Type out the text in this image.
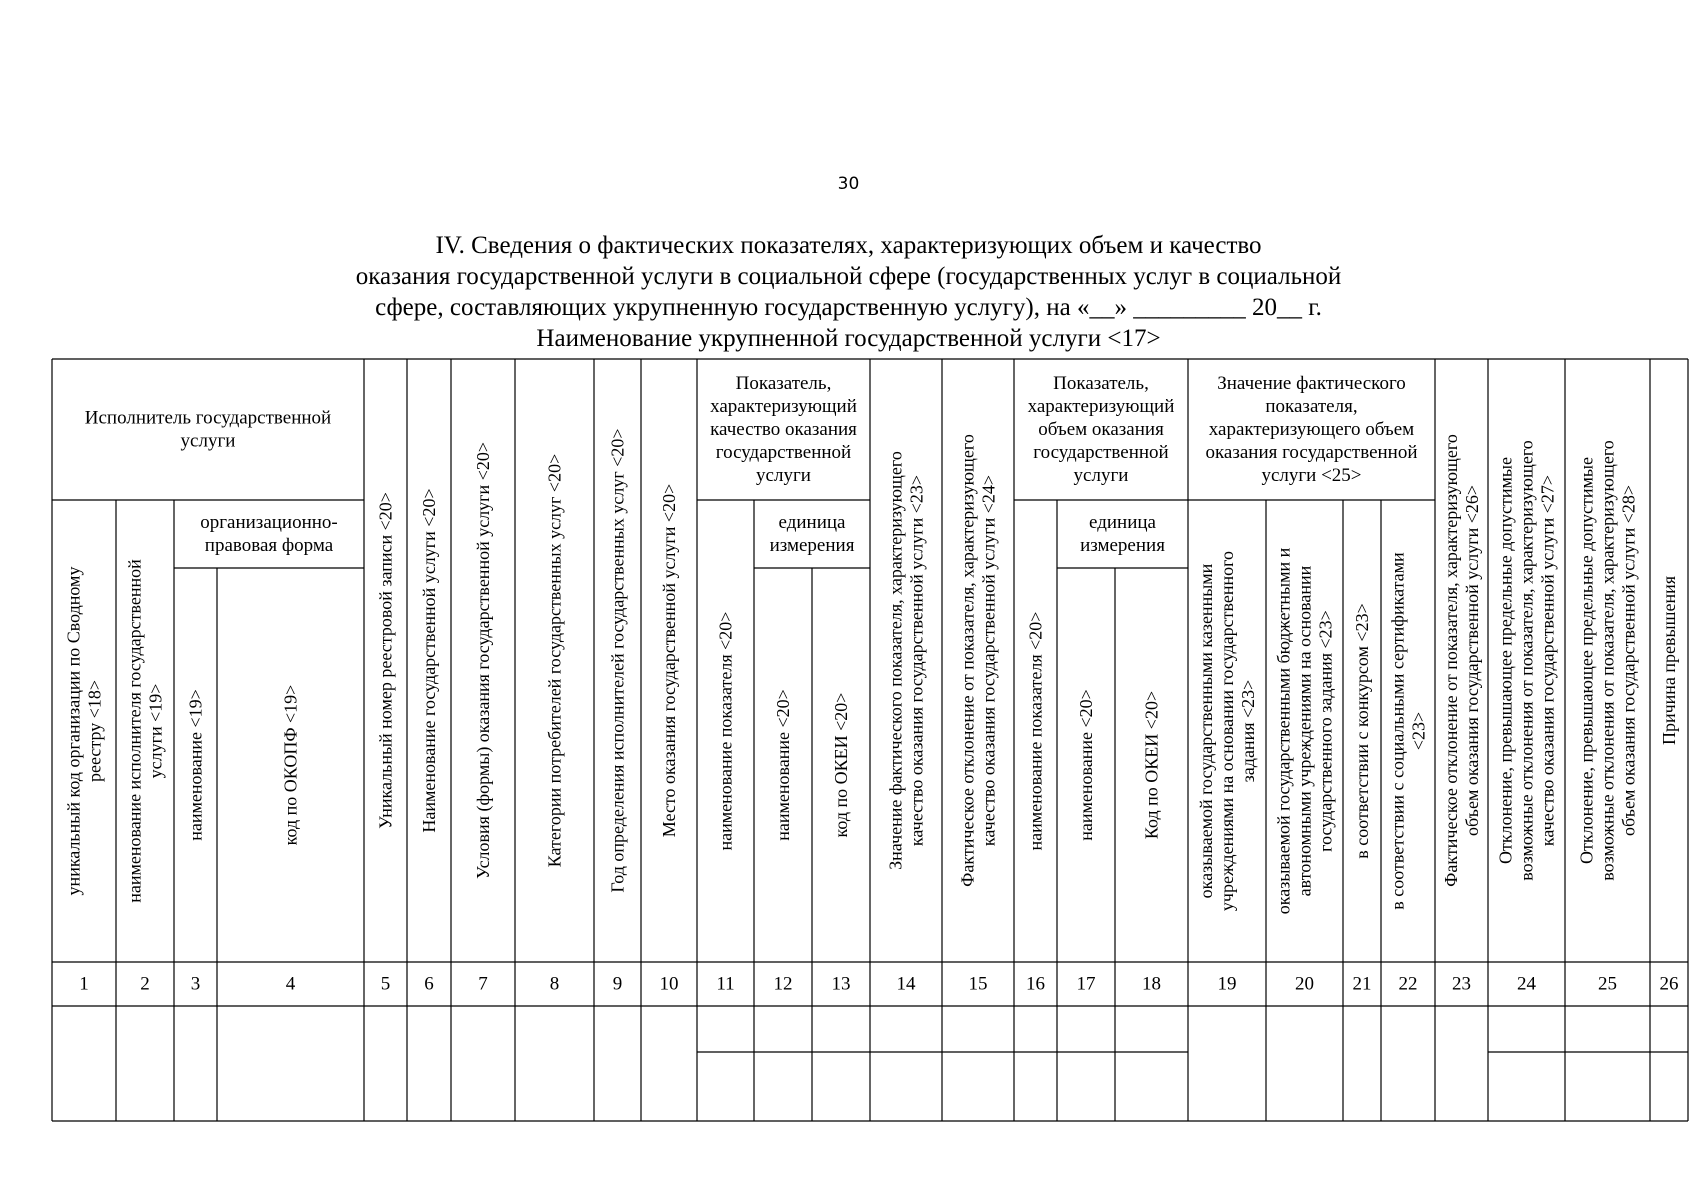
30
IV. Сведения о фактических показателях, характеризующих объем и качество
оказания государственной услуги в социальной сфере (государственных услуг в социальной
сфере, составляющих укрупненную государственную услугу), на «__» _________ 20__ г.
Наименование укрупненной государственной услуги <17>
Исполнитель государственной
услуги
организационно-
правовая форма
Показатель,
характеризующий
качество оказания
государственной
услуги
единица
измерения
Показатель,
характеризующий
объем оказания
государственной
услуги
единица
измерения
Значение фактического
показателя,
характеризующего объем
оказания государственной
услуги <25>
уникальный код организации по Сводному реестру <18>
1
наименование исполнителя государственной услуги <19>
2
наименование <19>
3
код по ОКОПФ <19>
4
Уникальный номер реестровой записи <20>
5
Наименование государственной услуги <20>
6
Условия (формы) оказания государственной услуги <20>
7
Категории потребителей государственных услуг <20>
8
Год определения исполнителей государственных услуг <20>
9
Место оказания государственной услуги <20>
10
наименование показателя <20>
11
наименование <20>
12
код по ОКЕИ <20>
13
Значение фактического показателя, характеризующего качество оказания государственной услуги <23>
14
Фактическое отклонение от показателя, характеризующего качество оказания государственной услуги <24>
15
наименование показателя <20>
16
наименование <20>
17
Код по ОКЕИ <20>
18
оказываемой государственными казенными учреждениями на основании государственного задания <23>
19
оказываемой государственными бюджетными и автономными учреждениями на основании государственного задания <23>
20
в соответствии с конкурсом <23>
21
в соответствии с социальными сертификатами <23>
22
Фактическое отклонение от показателя, характеризующего объем оказания государственной услуги <26>
23
Отклонение, превышающее предельные допустимые возможные отклонения от показателя, характеризующего качество оказания государственной услуги <27>
24
Отклонение, превышающее предельные допустимые возможные отклонения от показателя, характеризующего объем оказания государственной услуги <28>
25
Причина превышения
26
